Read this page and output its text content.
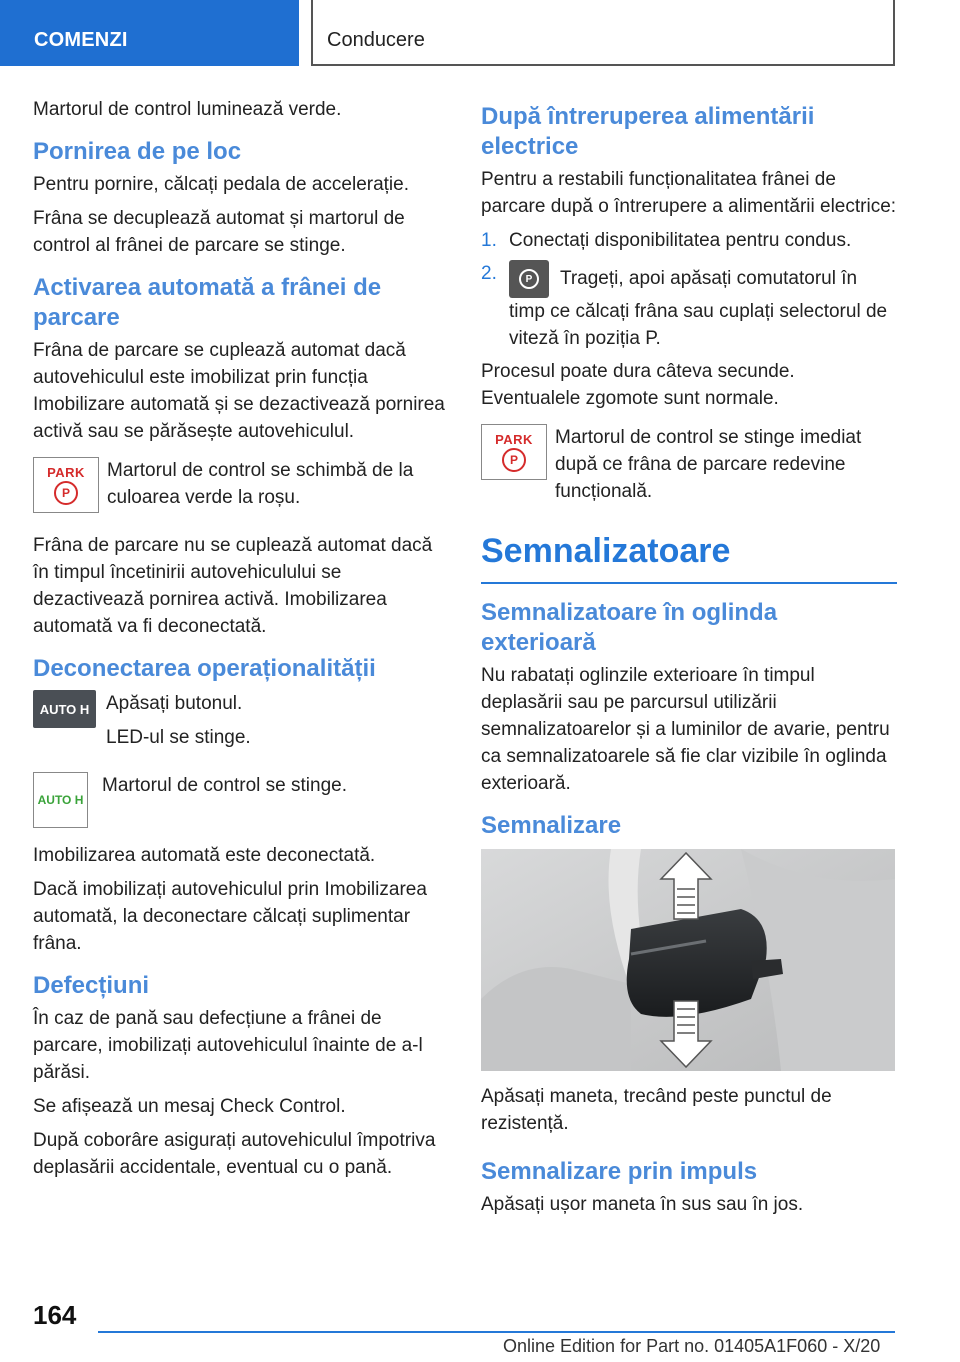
COMENZI	Conducere

Martorul de control luminează verde.

Pornirea de pe loc

Pentru pornire, călcați pedala de accelerație.

Frâna se decuplează automat și martorul de control al frânei de parcare se stinge.

Activarea automată a frânei de parcare

Frâna de parcare se cuplează automat dacă autovehiculul este imobilizat prin funcția Imobilizare automată și se dezactivează pornirea activă sau se părăsește autovehiculul.

PARK
P

Martorul de control se schimbă de la culoarea verde la roșu.

Frâna de parcare nu se cuplează automat dacă în timpul încetinirii autovehiculului se dezactivează pornirea activă. Imobilizarea automată va fi deconectată.

Deconectarea operaționalității
AUTO H Apăsați butonul.

LED-ul se stinge.

AUTO H

Martorul de control se stinge.

Imobilizarea automată este deconectată.

Dacă imobilizați autovehiculul prin Imobilizarea automată, la deconectare călcați suplimentar frâna.

Defecțiuni

În caz de pană sau defecțiune a frânei de parcare, imobilizați autovehiculul înainte de a-l părăsi.

Se afișează un mesaj Check Control.

După coborâre asigurați autovehiculul împotriva deplasării accidentale, eventual cu o pană.

După întreruperea alimentării electrice

Pentru a restabili funcționalitatea frânei de parcare după o întrerupere a alimentării electrice:

1. Conectați disponibilitatea pentru condus.
2.	P	Trageți, apoi apăsați comutatorul în timp ce călcați frâna sau cuplați selectorul de viteză în poziția P.

Procesul poate dura câteva secunde. Eventualele zgomote sunt normale.

PARK
P

Martorul de control se stinge imediat după ce frâna de parcare redevine funcțională.

Semnalizatoare
Semnalizatoare în oglinda exterioară

Nu rabatați oglinzile exterioare în timpul deplasării sau pe parcursul utilizării semnalizatoarelor și a luminilor de avarie, pentru ca semnalizatoarele să fie clar vizibile în oglinda exterioară.

Semnalizare

Apăsați maneta, trecând peste punctul de rezistență.

Semnalizare prin impuls

Apăsați ușor maneta în sus sau în jos.

164
Online Edition for Part no. 01405A1F060 - X/20
